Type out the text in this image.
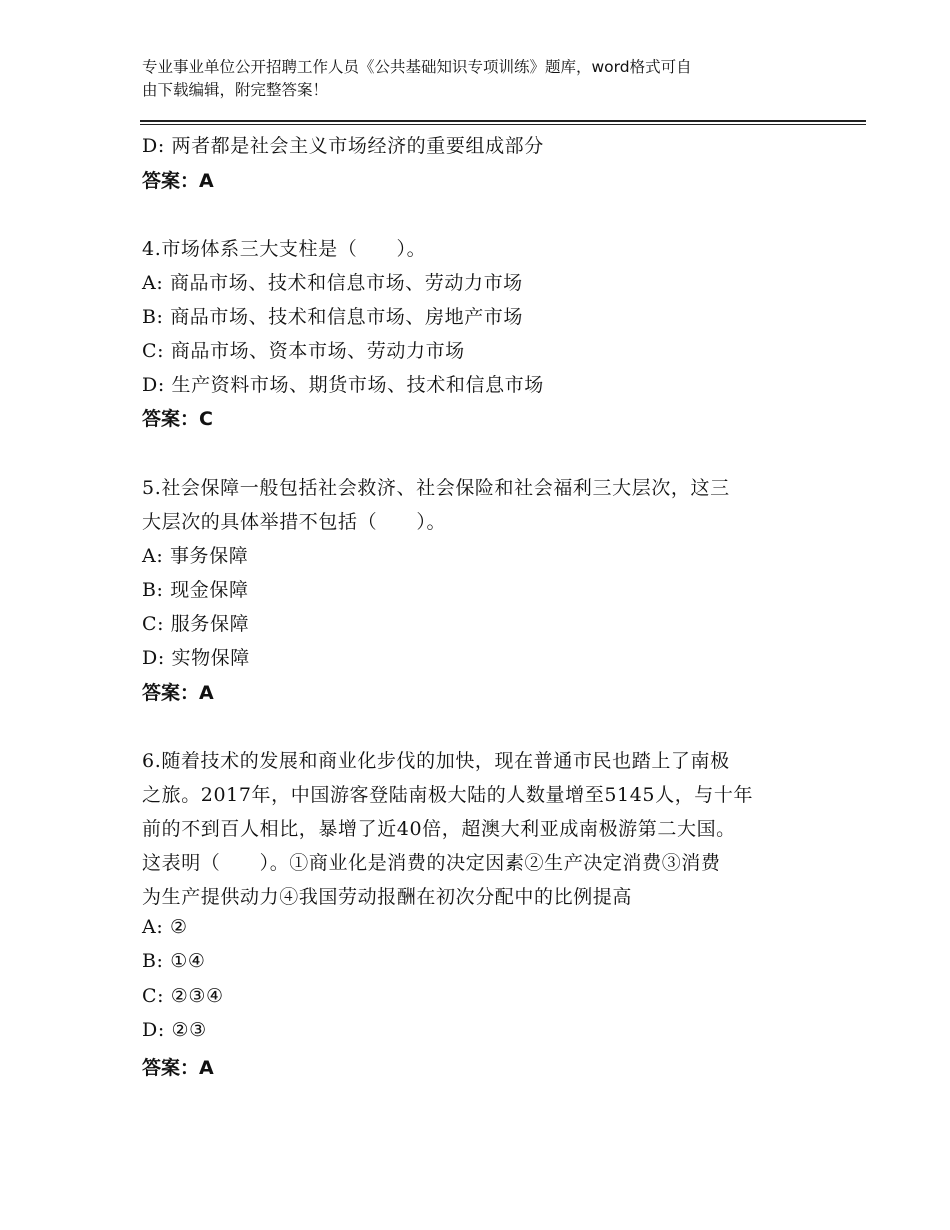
专业事业单位公开招聘工作人员《公共基础知识专项训练》题库，word格式可自
由下载编辑，附完整答案！
D: 两者都是社会主义市场经济的重要组成部分
答案：A
4.市场体系三大支柱是（　　）。
A: 商品市场、技术和信息市场、劳动力市场
B: 商品市场、技术和信息市场、房地产市场
C: 商品市场、资本市场、劳动力市场
D: 生产资料市场、期货市场、技术和信息市场
答案：C
5.社会保障一般包括社会救济、社会保险和社会福利三大层次，这三
大层次的具体举措不包括（　　）。
A: 事务保障
B: 现金保障
C: 服务保障
D: 实物保障
答案：A
6.随着技术的发展和商业化步伐的加快，现在普通市民也踏上了南极
之旅。2017年，中国游客登陆南极大陆的人数量增至5145人，与十年
前的不到百人相比，暴增了近40倍，超澳大利亚成南极游第二大国。
这表明（　　）。①商业化是消费的决定因素②生产决定消费③消费
为生产提供动力④我国劳动报酬在初次分配中的比例提高
A: ②
B: ①④
C: ②③④
D: ②③
答案：A
